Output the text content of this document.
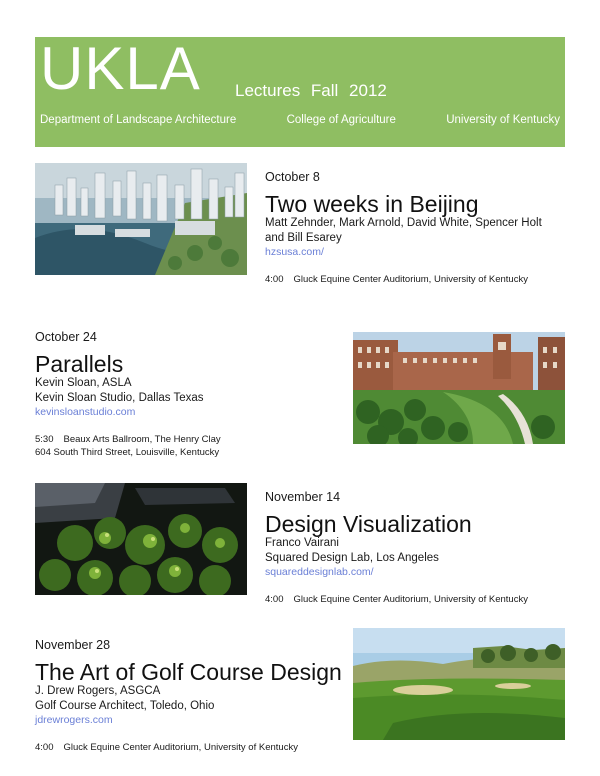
UKLA Lectures Fall 2012
Department of Landscape Architecture	College of Agriculture	University of Kentucky
October 8
Two weeks in Beijing
Matt Zehnder, Mark Arnold, David White, Spencer Holt
and Bill Esarey
hzsusa.com/
4:00 Gluck Equine Center Auditorium, University of Kentucky
October 24
Parallels
Kevin Sloan, ASLA
Kevin Sloan Studio, Dallas Texas
kevinsloanstudio.com
5:30 Beaux Arts Ballroom, The Henry Clay
604 South Third Street, Louisville, Kentucky
November 14
Design Visualization
Franco Vairani
Squared Design Lab, Los Angeles
squareddesignlab.com/
4:00 Gluck Equine Center Auditorium, University of Kentucky
November 28
The Art of Golf Course Design
J. Drew Rogers, ASGCA
Golf Course Architect, Toledo, Ohio
jdrewrogers.com
4:00 Gluck Equine Center Auditorium, University of Kentucky
